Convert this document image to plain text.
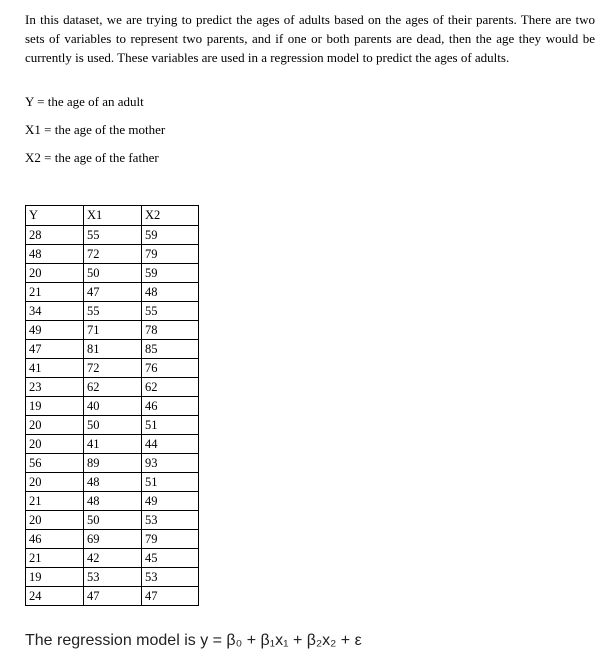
In this dataset, we are trying to predict the ages of adults based on the ages of their parents. There are two sets of variables to represent two parents, and if one or both parents are dead, then the age they would be currently is used. These variables are used in a regression model to predict the ages of adults.

Y = the age of an adult

X1 = the age of the mother

X2 = the age of the father

Y	X1	X2
28	55	59
48	72	79
20	50	59
21	47	48
34	55	55
49	71	78
47	81	85
41	72	76
23	62	62
19	40	46
20	50	51
20	41	44
56	89	93
20	48	51
21	48	49
20	50	53
46	69	79
21	42	45
19	53	53
24	47	47

The regression model is y = β₀ + β₁x₁ + β₂x₂ + ε
